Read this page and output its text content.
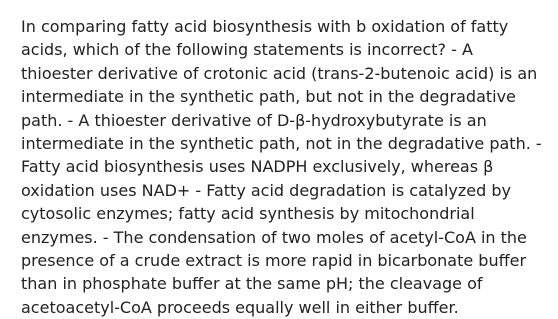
In comparing fatty acid biosynthesis with b oxidation of fatty acids, which of the following statements is incorrect? - A thioester derivative of crotonic acid (trans-2-butenoic acid) is an intermediate in the synthetic path, but not in the degradative path. - A thioester derivative of D-β-hydroxybutyrate is an intermediate in the synthetic path, not in the degradative path. - Fatty acid biosynthesis uses NADPH exclusively, whereas β oxidation uses NAD+ - Fatty acid degradation is catalyzed by cytosolic enzymes; fatty acid synthesis by mitochondrial enzymes. - The condensation of two moles of acetyl-CoA in the presence of a crude extract is more rapid in bicarbonate buffer than in phosphate buffer at the same pH; the cleavage of acetoacetyl-CoA proceeds equally well in either buffer.
